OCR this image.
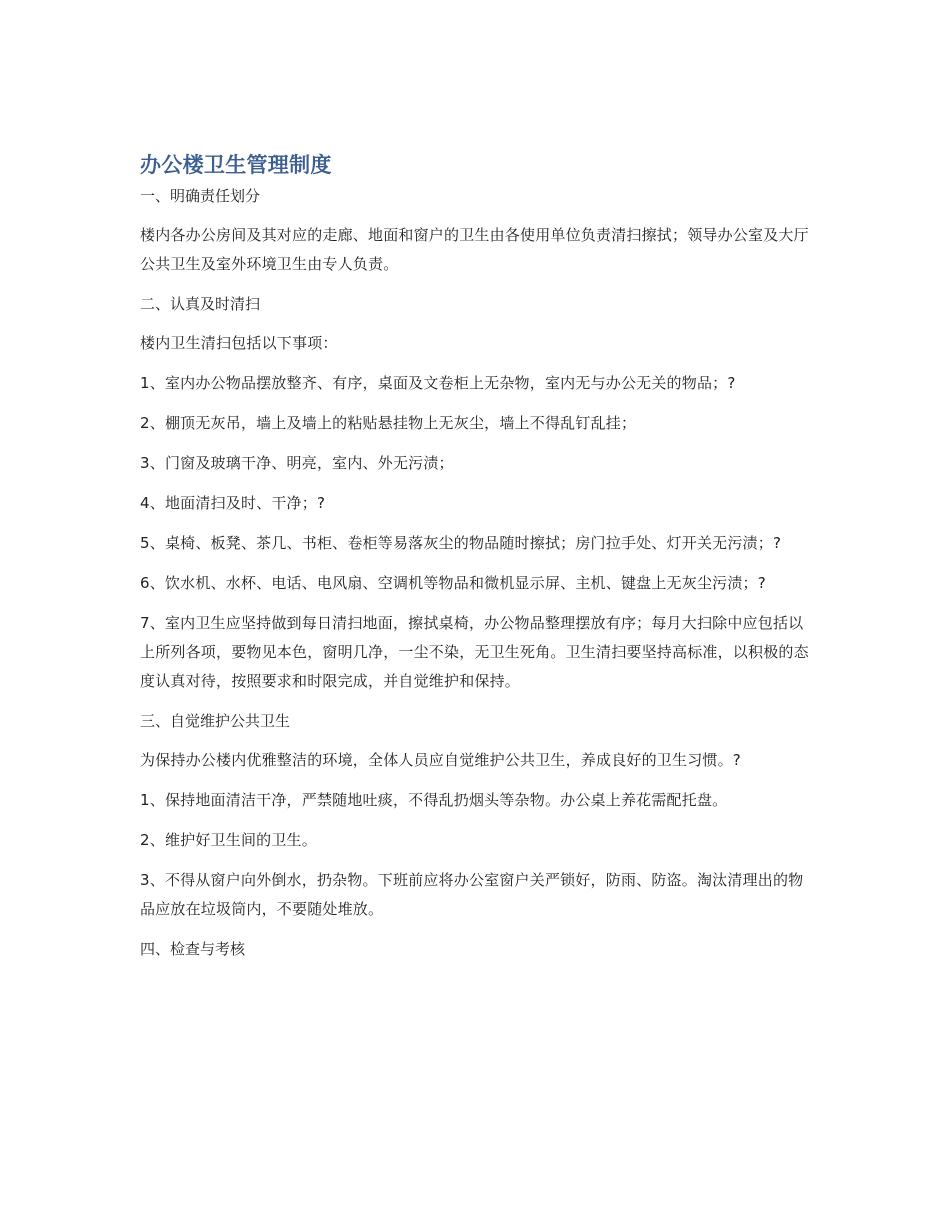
办公楼卫生管理制度

一、明确责任划分

楼内各办公房间及其对应的走廊、地面和窗户的卫生由各使用单位负责清扫擦拭；领导办公室及大厅公共卫生及室外环境卫生由专人负责。

二、认真及时清扫

楼内卫生清扫包括以下事项：

1、室内办公物品摆放整齐、有序，桌面及文卷柜上无杂物，室内无与办公无关的物品；?

2、棚顶无灰吊，墙上及墙上的粘贴悬挂物上无灰尘，墙上不得乱钉乱挂；

3、门窗及玻璃干净、明亮，室内、外无污渍；

4、地面清扫及时、干净；?

5、桌椅、板凳、茶几、书柜、卷柜等易落灰尘的物品随时擦拭；房门拉手处、灯开关无污渍；?

6、饮水机、水杯、电话、电风扇、空调机等物品和微机显示屏、主机、键盘上无灰尘污渍；?

7、室内卫生应坚持做到每日清扫地面，擦拭桌椅，办公物品整理摆放有序；每月大扫除中应包括以上所列各项，要物见本色，窗明几净，一尘不染，无卫生死角。卫生清扫要坚持高标准，以积极的态度认真对待，按照要求和时限完成，并自觉维护和保持。

三、自觉维护公共卫生

为保持办公楼内优雅整洁的环境，全体人员应自觉维护公共卫生，养成良好的卫生习惯。?

1、保持地面清洁干净，严禁随地吐痰，不得乱扔烟头等杂物。办公桌上养花需配托盘。

2、维护好卫生间的卫生。

3、不得从窗户向外倒水，扔杂物。下班前应将办公室窗户关严锁好，防雨、防盗。淘汰清理出的物品应放在垃圾筒内，不要随处堆放。

四、检查与考核
